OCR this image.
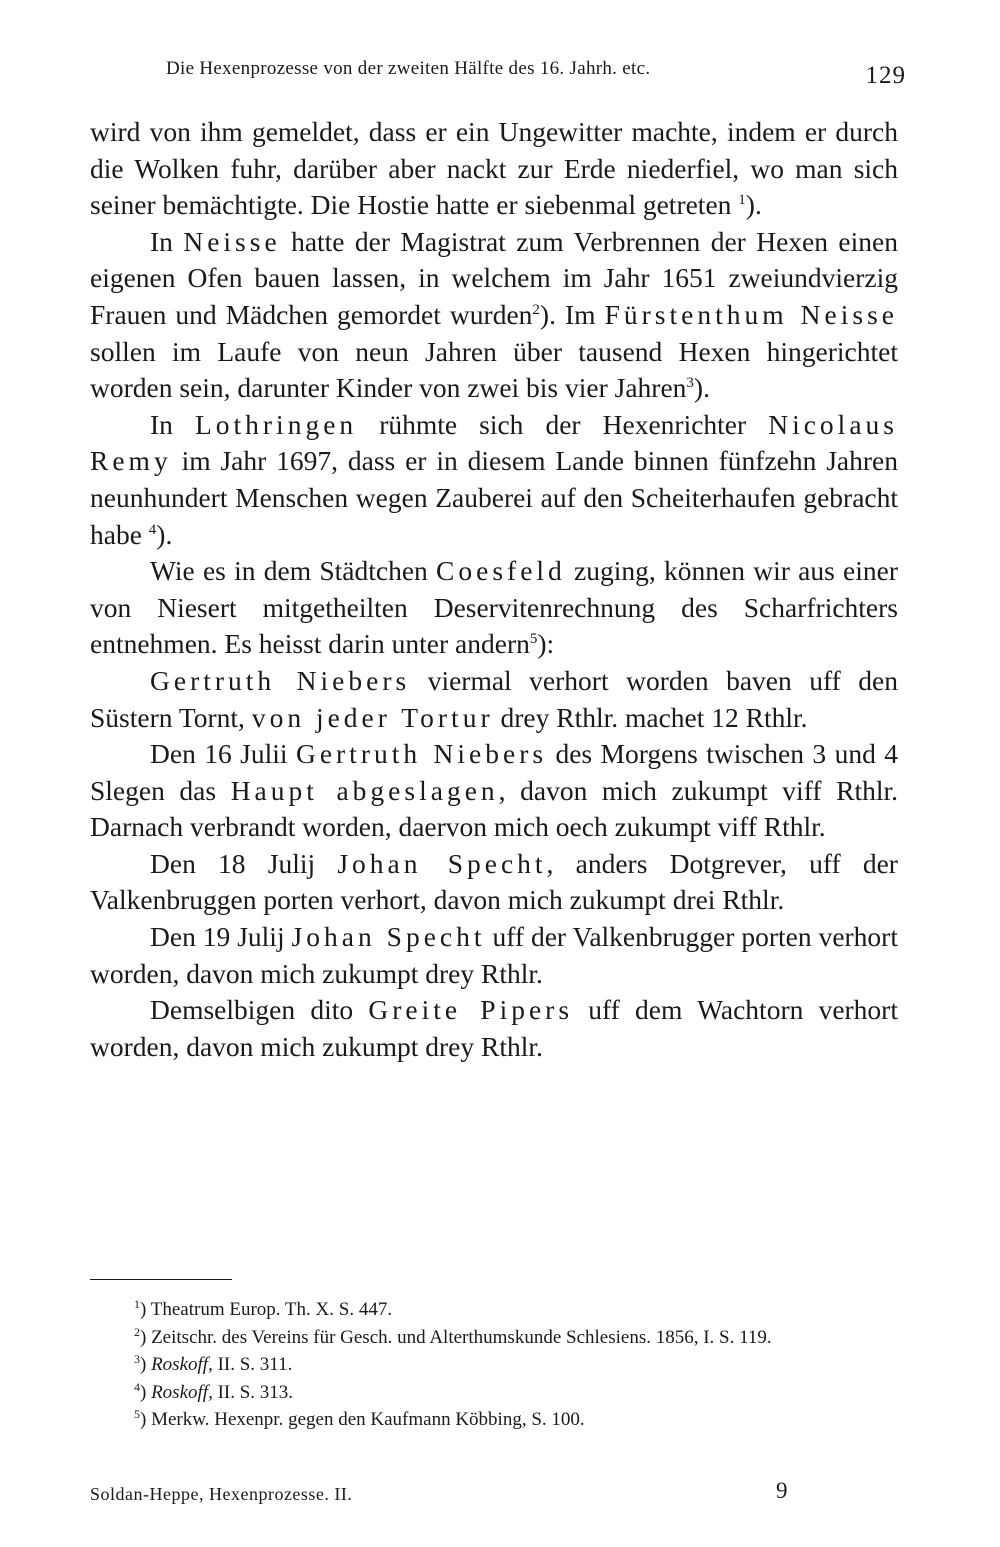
Die Hexenprozesse von der zweiten Hälfte des 16. Jahrh. etc.	129

wird von ihm gemeldet, dass er ein Ungewitter machte, indem er durch die Wolken fuhr, darüber aber nackt zur Erde niederfiel, wo man sich seiner bemächtigte. Die Hostie hatte er siebenmal getreten $^1$).

In Neisse hatte der Magistrat zum Verbrennen der Hexen einen eigenen Ofen bauen lassen, in welchem im Jahr 1651 zweiundvierzig Frauen und Mädchen gemordet wurden$^2$). Im Fürstenthum Neisse sollen im Laufe von neun Jahren über tausend Hexen hingerichtet worden sein, darunter Kinder von zwei bis vier Jahren$^3$).

In Lothringen rühmte sich der Hexenrichter Nicolaus Remy im Jahr 1697, dass er in diesem Lande binnen fünfzehn Jahren neunhundert Menschen wegen Zauberei auf den Scheiterhaufen gebracht habe $^4$).

Wie es in dem Städtchen Coesfeld zuging, können wir aus einer von Niesert mitgetheilten Deservitenrechnung des Scharfrichters entnehmen. Es heisst darin unter andern$^5$):

Gertruth Niebers viermal verhort worden baven uff den Süstern Tornt, von jeder Tortur drey Rthlr. machet 12 Rthlr.

Den 16 Julii Gertruth Niebers des Morgens twischen 3 und 4 Slegen das Haupt abgeslagen, davon mich zukumpt viff Rthlr. Darnach verbrandt worden, daervon mich oech zukumpt viff Rthlr.

Den 18 Julij Johan Specht, anders Dotgrever, uff der Valkenbruggen porten verhort, davon mich zukumpt drei Rthlr.

Den 19 Julij Johan Specht uff der Valkenbrugger porten verhort worden, davon mich zukumpt drey Rthlr.

Demselbigen dito Greite Pipers uff dem Wachtorn verhort worden, davon mich zukumpt drey Rthlr.

$^1$) Theatrum Europ. Th. X. S. 447.

$^2$) Zeitschr. des Vereins für Gesch. und Alterthumskunde Schlesiens. 1856, I. S. 119.

$^3$) Roskoff, II. S. 311.

$^4$) Roskoff, II. S. 313.

$^5$) Merkw. Hexenpr. gegen den Kaufmann Köbbing, S. 100.

Soldan-Heppe, Hexenprozesse. II.	9
